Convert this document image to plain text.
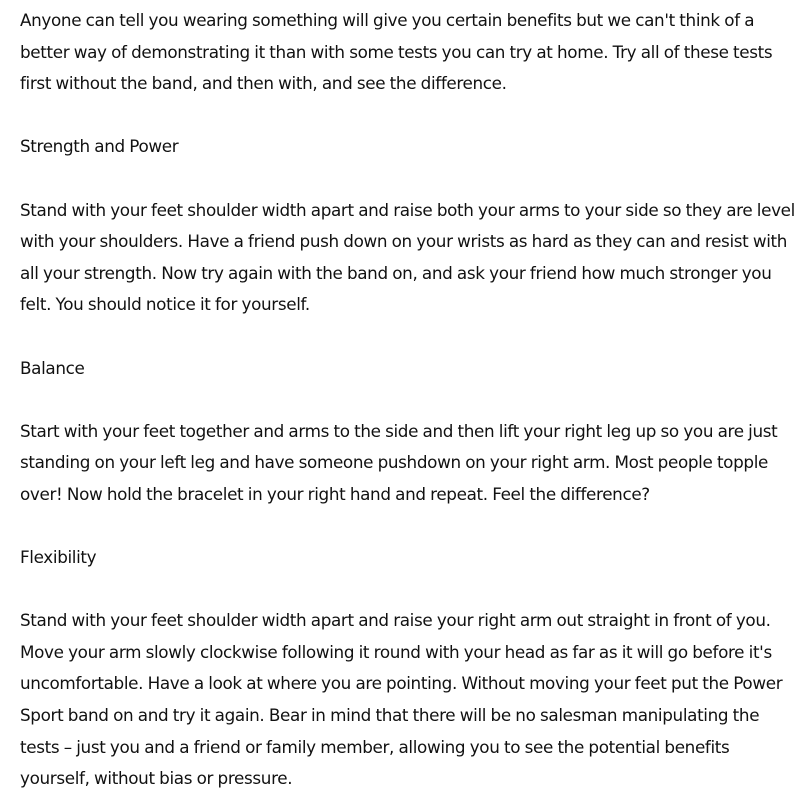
Anyone can tell you wearing something will give you certain benefits but we can't think of a better way of demonstrating it than with some tests you can try at home. Try all of these tests first without the band, and then with, and see the difference.

Strength and Power

Stand with your feet shoulder width apart and raise both your arms to your side so they are level with your shoulders. Have a friend push down on your wrists as hard as they can and resist with all your strength. Now try again with the band on, and ask your friend how much stronger you felt. You should notice it for yourself.

Balance

Start with your feet together and arms to the side and then lift your right leg up so you are just standing on your left leg and have someone pushdown on your right arm. Most people topple over! Now hold the bracelet in your right hand and repeat. Feel the difference?

Flexibility

Stand with your feet shoulder width apart and raise your right arm out straight in front of you. Move your arm slowly clockwise following it round with your head as far as it will go before it's uncomfortable. Have a look at where you are pointing. Without moving your feet put the Power Sport band on and try it again. Bear in mind that there will be no salesman manipulating the tests – just you and a friend or family member, allowing you to see the potential benefits yourself, without bias or pressure.
